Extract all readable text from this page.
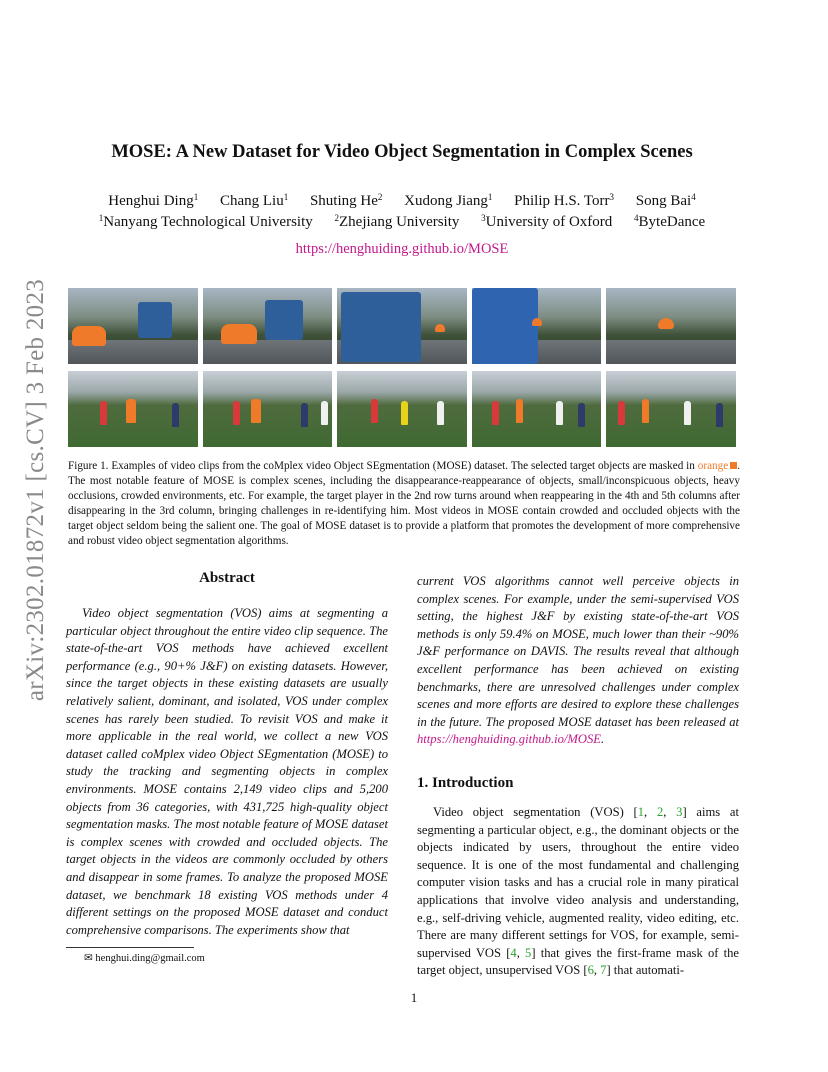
arXiv:2302.01872v1 [cs.CV] 3 Feb 2023
MOSE: A New Dataset for Video Object Segmentation in Complex Scenes
Henghui Ding$^1$ Chang Liu$^1$ Shuting He$^2$ Xudong Jiang$^1$ Philip H.S. Torr$^3$ Song Bai$^4$
$^1$Nanyang Technological University $^2$Zhejiang University $^3$University of Oxford $^4$ByteDance
https://henghuiding.github.io/MOSE

Figure 1. Examples of video clips from the coMplex video Object SEgmentation (MOSE) dataset. The selected target objects are masked in orange . The most notable feature of MOSE is complex scenes, including the disappearance-reappearance of objects, small/inconspicuous objects, heavy occlusions, crowded environments, etc. For example, the target player in the 2nd row turns around when reappearing in the 4th and 5th columns after disappearing in the 3rd column, bringing challenges in re-identifying him. Most videos in MOSE contain crowded and occluded objects with the target object seldom being the salient one. The goal of MOSE dataset is to provide a platform that promotes the development of more comprehensive and robust video object segmentation algorithms.

Abstract

Video object segmentation (VOS) aims at segmenting a particular object throughout the entire video clip sequence. The state-of-the-art VOS methods have achieved excellent performance (e.g., 90+% J&F) on existing datasets. However, since the target objects in these existing datasets are usually relatively salient, dominant, and isolated, VOS under complex scenes has rarely been studied. To revisit VOS and make it more applicable in the real world, we collect a new VOS dataset called coMplex video Object SEgmentation (MOSE) to study the tracking and segmenting objects in complex environments. MOSE contains 2,149 video clips and 5,200 objects from 36 categories, with 431,725 high-quality object segmentation masks. The most notable feature of MOSE dataset is complex scenes with crowded and occluded objects. The target objects in the videos are commonly occluded by others and disappear in some frames. To analyze the proposed MOSE dataset, we benchmark 18 existing VOS methods under 4 different settings on the proposed MOSE dataset and conduct comprehensive comparisons. The experiments show that

current VOS algorithms cannot well perceive objects in complex scenes. For example, under the semi-supervised VOS setting, the highest J&F by existing state-of-the-art VOS methods is only 59.4% on MOSE, much lower than their ~90% J&F performance on DAVIS. The results reveal that although excellent performance has been achieved on existing benchmarks, there are unresolved challenges under complex scenes and more efforts are desired to explore these challenges in the future. The proposed MOSE dataset has been released at https://henghuiding.github.io/MOSE.

1. Introduction

Video object segmentation (VOS) [1, 2, 3] aims at segmenting a particular object, e.g., the dominant objects or the objects indicated by users, throughout the entire video sequence. It is one of the most fundamental and challenging computer vision tasks and has a crucial role in many piratical applications that involve video analysis and understanding, e.g., self-driving vehicle, augmented reality, video editing, etc. There are many different settings for VOS, for example, semi-supervised VOS [4, 5] that gives the first-frame mask of the target object, unsupervised VOS [6, 7] that automati-

✉ henghui.ding@gmail.com
1
